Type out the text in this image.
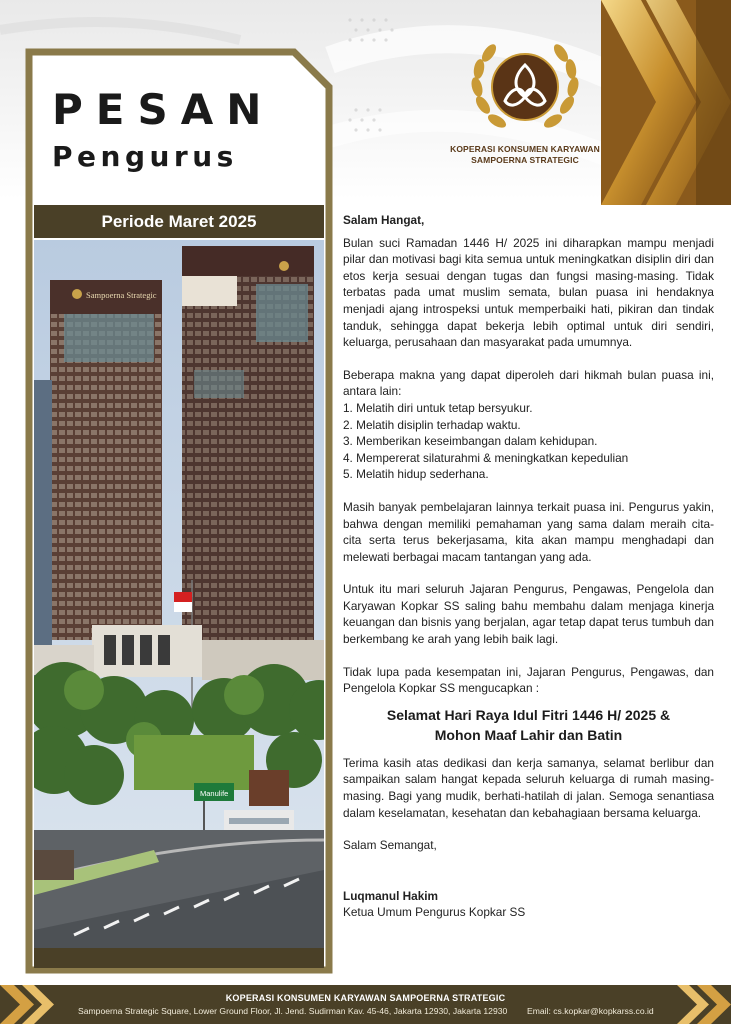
KOPERASI KONSUMEN KARYAWAN
SAMPOERNA STRATEGIC
PESAN
Pengurus
Periode Maret 2025
Sampoerna Strategic
Manulife
Salam Hangat,

Bulan suci Ramadan 1446 H/ 2025 ini diharapkan mampu menjadi pilar dan motivasi bagi kita semua untuk meningkatkan disiplin diri dan etos kerja sesuai dengan tugas dan fungsi masing-masing. Tidak terbatas pada umat muslim semata, bulan puasa ini hendaknya menjadi ajang introspeksi untuk memperbaiki hati, pikiran dan tindak tanduk, sehingga dapat bekerja lebih optimal untuk diri sendiri, keluarga, perusahaan dan masyarakat pada umumnya.

Beberapa makna yang dapat diperoleh dari hikmah bulan puasa ini, antara lain:

1. Melatih diri untuk tetap bersyukur.
2. Melatih disiplin terhadap waktu.
3. Memberikan keseimbangan dalam kehidupan.
4. Mempererat silaturahmi & meningkatkan kepedulian
5. Melatih hidup sederhana.

Masih banyak pembelajaran lainnya terkait puasa ini. Pengurus yakin, bahwa dengan memiliki pemahaman yang sama dalam meraih cita-cita serta terus bekerjasama, kita akan mampu menghadapi dan melewati berbagai macam tantangan yang ada.

Untuk itu mari seluruh Jajaran Pengurus, Pengawas, Pengelola dan Karyawan Kopkar SS saling bahu membahu dalam menjaga kinerja keuangan dan bisnis yang berjalan, agar tetap dapat terus tumbuh dan berkembang ke arah yang lebih baik lagi.

Tidak lupa pada kesempatan ini, Jajaran Pengurus, Pengawas, dan Pengelola Kopkar SS mengucapkan :

Selamat Hari Raya Idul Fitri 1446 H/ 2025 &
Mohon Maaf Lahir dan Batin

Terima kasih atas dedikasi dan kerja samanya, selamat berlibur dan sampaikan salam hangat kepada seluruh keluarga di rumah masing-masing. Bagi yang mudik, berhati-hatilah di jalan. Semoga senantiasa dalam keselamatan, kesehatan dan kebahagiaan bersama keluarga.

Salam Semangat,
Luqmanul Hakim
Ketua Umum Pengurus Kopkar SS
KOPERASI KONSUMEN KARYAWAN SAMPOERNA STRATEGIC
Sampoerna Strategic Square, Lower Ground Floor, Jl. Jend. Sudirman Kav. 45-46, Jakarta 12930, Jakarta 12930 Email: cs.kopkar@kopkarss.co.id
